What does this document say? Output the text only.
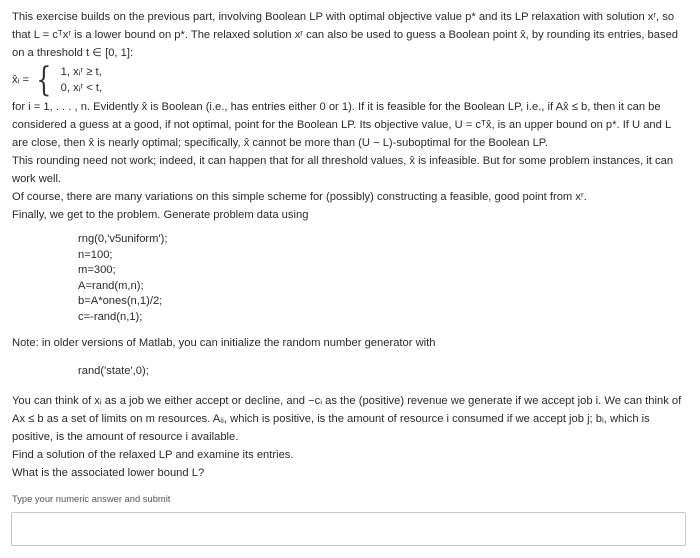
This exercise builds on the previous part, involving Boolean LP with optimal objective value p* and its LP relaxation with solution xʳ, so that L = cᵀxʳ is a lower bound on p*. The relaxed solution xʳ can also be used to guess a Boolean point x̂, by rounding its entries, based on a threshold t ∈ [0, 1]:

x̂ᵢ = { 1, xᵢʳ ≥ t,
0, xᵢʳ < t,

for i = 1, . . . , n. Evidently x̂ is Boolean (i.e., has entries either 0 or 1). If it is feasible for the Boolean LP, i.e., if Ax̂ ≤ b, then it can be considered a guess at a good, if not optimal, point for the Boolean LP. Its objective value, U = cᵀx̂, is an upper bound on p*. If U and L are close, then x̂ is nearly optimal; specifically, x̂ cannot be more than (U − L)-suboptimal for the Boolean LP.

This rounding need not work; indeed, it can happen that for all threshold values, x̂ is infeasible. But for some problem instances, it can work well.

Of course, there are many variations on this simple scheme for (possibly) constructing a feasible, good point from xʳ.

Finally, we get to the problem. Generate problem data using

rng(0,'v5uniform');
n=100;
m=300;
A=rand(m,n);
b=A*ones(n,1)/2;
c=-rand(n,1);

Note: in older versions of Matlab, you can initialize the random number generator with

rand('state',0);

You can think of xᵢ as a job we either accept or decline, and −cᵢ as the (positive) revenue we generate if we accept job i. We can think of Ax ≤ b as a set of limits on m resources. Aᵢⱼ, which is positive, is the amount of resource i consumed if we accept job j; bᵢ, which is positive, is the amount of resource i available.

Find a solution of the relaxed LP and examine its entries.

What is the associated lower bound L?

Type your numeric answer and submit
